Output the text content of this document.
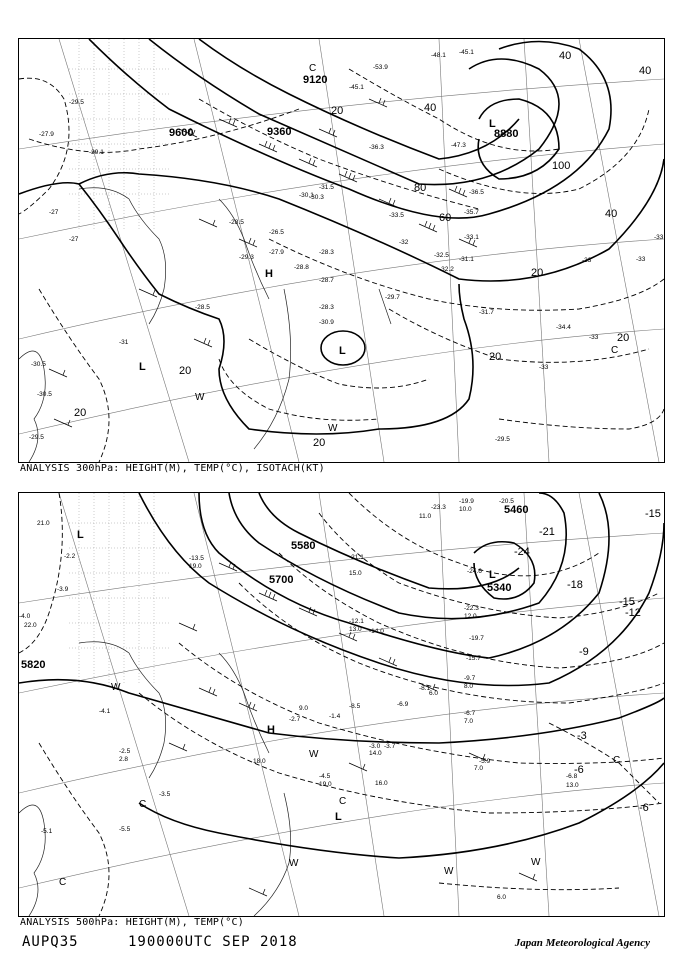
9120
9360
9600	8880
20	40
60
80
100
20
20
20
20
20
40
40
40
20
H
L
L
L
W
W
C
C
-28.5
-29.7
-30.9
-31.7
-34.4
-29.5
-28.3
-27.9
-28.7
-29.5
-30.5
-31.5
-32.5
-33.5
-30.3
-48.1
-47.3
-45.1
-36.5
-35.7
-33.1
-32.2
-31.1
-28.5
-27.9
-29.1
-30.1
-26.5
-29.3
-28.8
-53.9
-45.1
-36.3
-33	-33
-33
-33
-33
-27
-27
-31
-32
-30.5
-29.5
-28.3
ANALYSIS 300hPa: HEIGHT(M), TEMP(°C), ISOTACH(KT)
5700
5820
5340
5580
5460
-24
-18
-15
-12
-9
-6
-6
-15
-21
-3
H
L
L
L
W
W
W
W
W
C	C
C
C
-4.5
-3.0
-2.5
-3.5
-5.9
-6.8
-6.7
-8.1
-9.7
-15.7
-22.3
-19.7
-23.3
-19.9	-20.5
-24.6
-21.1
-12.1
-14.0
-8.5
-2.7	-1.4
-4.1
-6.9
-13.5
-5.1	-5.5
-3.9
-2.2
-4.0
-3.7
21.0
13.0
6.0
16.0
19.0
18.0
7.0
11.0
9.0
15.0
12.0
10.0
8.0
6.0
14.0
19.0
22.0
2.8
7.0
13.0
ANALYSIS 500hPa: HEIGHT(M), TEMP(°C)
AUPQ35	190000UTC SEP 2018	Japan Meteorological Agency
